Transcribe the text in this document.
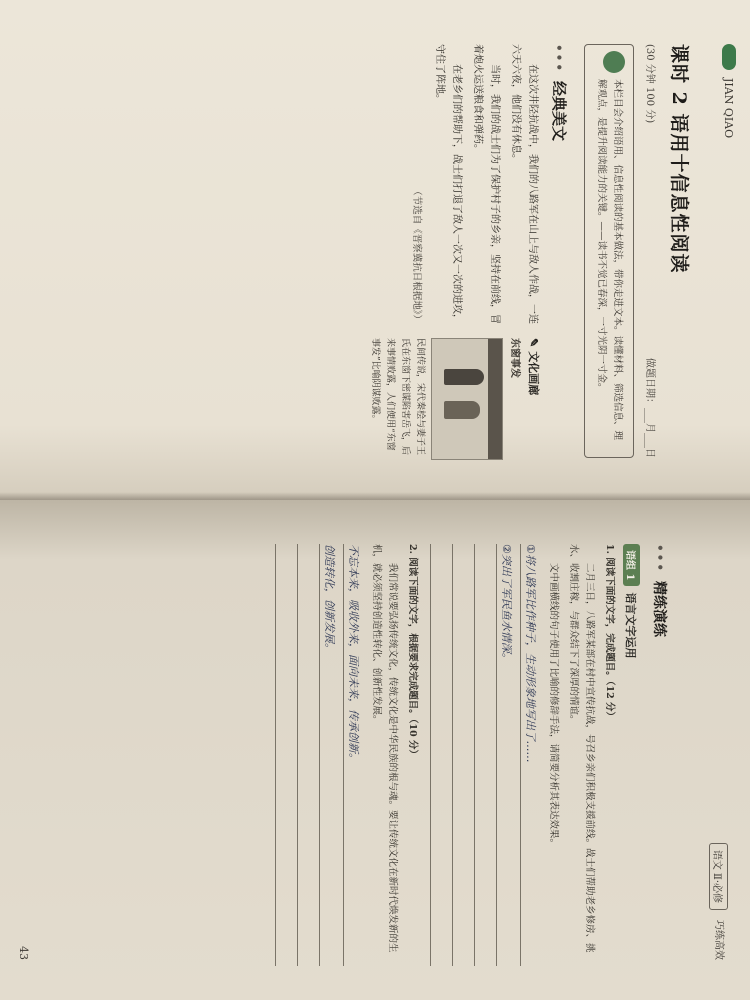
JIAN QIAO
课时 2 语用十信息性阅读
(30 分钟 100 分)
做题日期：___月___日
本栏目会介绍语用、信息性阅读的基本做法，带你走进文本。读懂材料、筛选信息、理解观点，是提升阅读能力的关键。——读书不觉已春深，一寸光阴一寸金。
•••
经典美文

在这次井陉抗战中，我们的八路军在山上与敌人作战，一连六天六夜，他们没有休息。

当时，我们的战士们为了保护村子的乡亲，坚持在前线，冒着炮火运送粮食和弹药。

在老乡们的帮助下，战士们打退了敌人一次又一次的进攻，守住了阵地。

（节选自《晋察冀抗日根据地》）
✎
文化画廊
东窗事发
民间传说，宋代秦桧与妻子王氏在东窗下密谋陷害岳飞，后来事情败露，人们便用“东窗事发”比喻阴谋败露。
语文 Ⅱ·必修
巧练高效
•••
精练演练
语组 1
语言文字运用

1. 阅读下面的文字，完成题目。（12 分）

二月三日，八路军某部在村中宣传抗战，号召乡亲们积极支援前线。战士们帮助老乡修房、挑水、收割庄稼，与群众结下了深厚的情谊。

文中画横线的句子使用了比喻的修辞手法，请简要分析其表达效果。

①将八路军比作种子，生动形象地写出了……
②突出了军民鱼水情深。

2. 阅读下面的文字，根据要求完成题目。（10 分）

我们常说要弘扬传统文化，传统文化是中华民族的根与魂。要让传统文化在新时代焕发新的生机，就必须坚持创造性转化、创新性发展。

不忘本来，吸收外来，面向未来，传承创新。
创造转化，创新发展。
43
